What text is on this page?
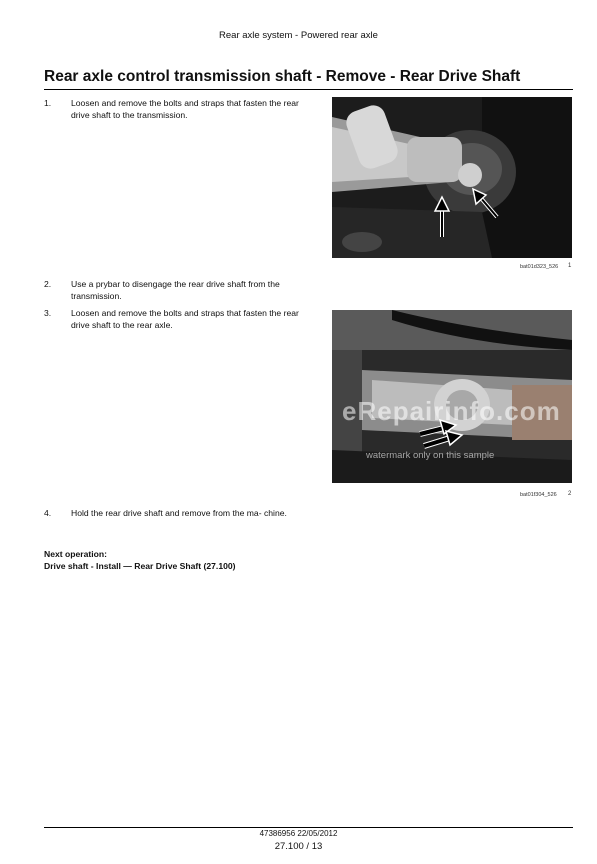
Rear axle system - Powered rear axle
Rear axle control transmission shaft - Remove - Rear Drive Shaft
1. Loosen and remove the bolts and straps that fasten the rear drive shaft to the transmission.
bat01d323_526 1
2. Use a prybar to disengage the rear drive shaft from the transmission.
3. Loosen and remove the bolts and straps that fasten the rear drive shaft to the rear axle.
eRepairinfo.com
watermark only on this sample
bat01f304_526 2
4. Hold the rear drive shaft and remove from the ma- chine.
Next operation:
Drive shaft - Install — Rear Drive Shaft (27.100)
47386956 22/05/2012
27.100 / 13
